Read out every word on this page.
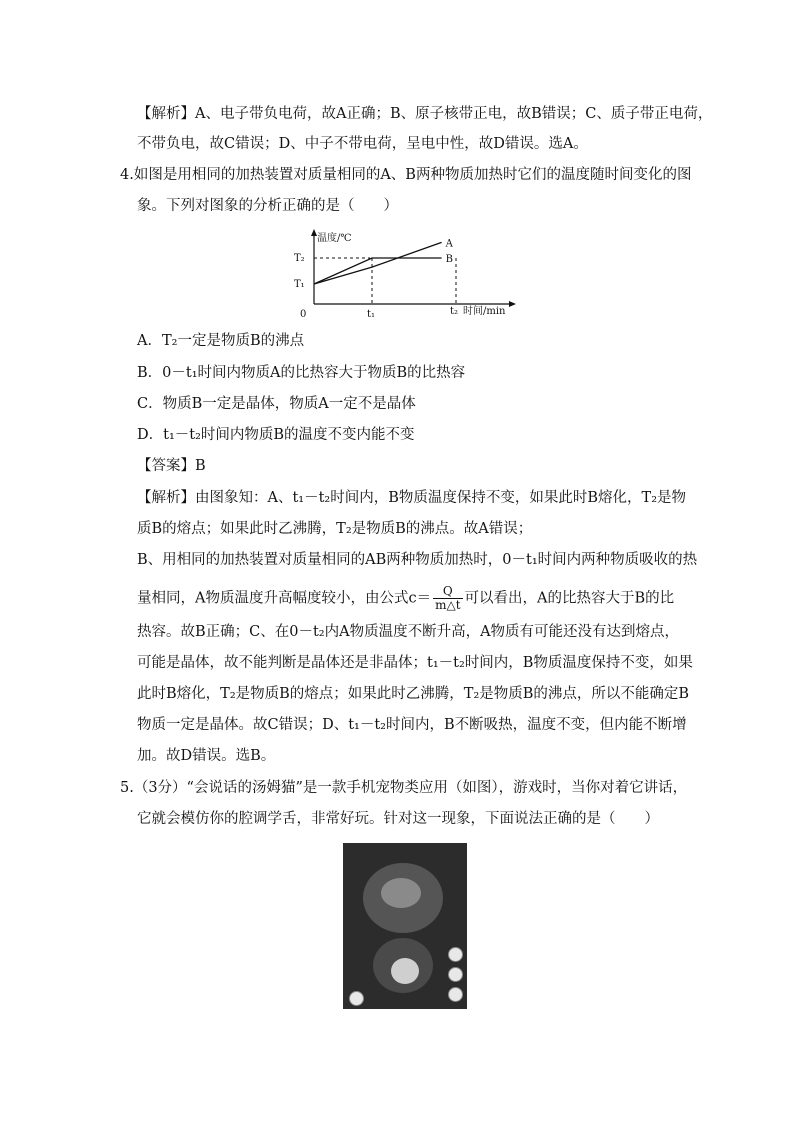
【解析】A、电子带负电荷，故A正确；B、原子核带正电，故B错误；C、质子带正电荷，
不带负电，故C错误；D、中子不带电荷，呈电中性，故D错误。选A。
4.如图是用相同的加热装置对质量相同的A、B两种物质加热时它们的温度随时间变化的图
象。下列对图象的分析正确的是（　　）
温度/℃
T₂
T₁
0	t₁	t₂ 时间/min
A
B
A．T₂一定是物质B的沸点
B．0－t₁时间内物质A的比热容大于物质B的比热容
C．物质B一定是晶体，物质A一定不是晶体
D．t₁－t₂时间内物质B的温度不变内能不变
【答案】B
【解析】由图象知：A、t₁－t₂时间内，B物质温度保持不变，如果此时B熔化，T₂是物
质B的熔点；如果此时乙沸腾，T₂是物质B的沸点。故A错误；
B、用相同的加热装置对质量相同的AB两种物质加热时，0－t₁时间内两种物质吸收的热
量相同，A物质温度升高幅度较小，由公式$c= \frac{Q}{m\triangle t}$ 可以看出，A的比热容大于B的比
热容。故B正确；C、在0－t₂内A物质温度不断升高，A物质有可能还没有达到熔点，
可能是晶体，故不能判断是晶体还是非晶体；t₁－t₂时间内，B物质温度保持不变，如果
此时B熔化，T₂是物质B的熔点；如果此时乙沸腾，T₂是物质B的沸点，所以不能确定B
物质一定是晶体。故C错误；D、t₁－t₂时间内，B不断吸热，温度不变，但内能不断增
加。故D错误。选B。
5.（3分）“会说话的汤姆猫”是一款手机宠物类应用（如图），游戏时，当你对着它讲话，
它就会模仿你的腔调学舌，非常好玩。针对这一现象，下面说法正确的是（　　）
